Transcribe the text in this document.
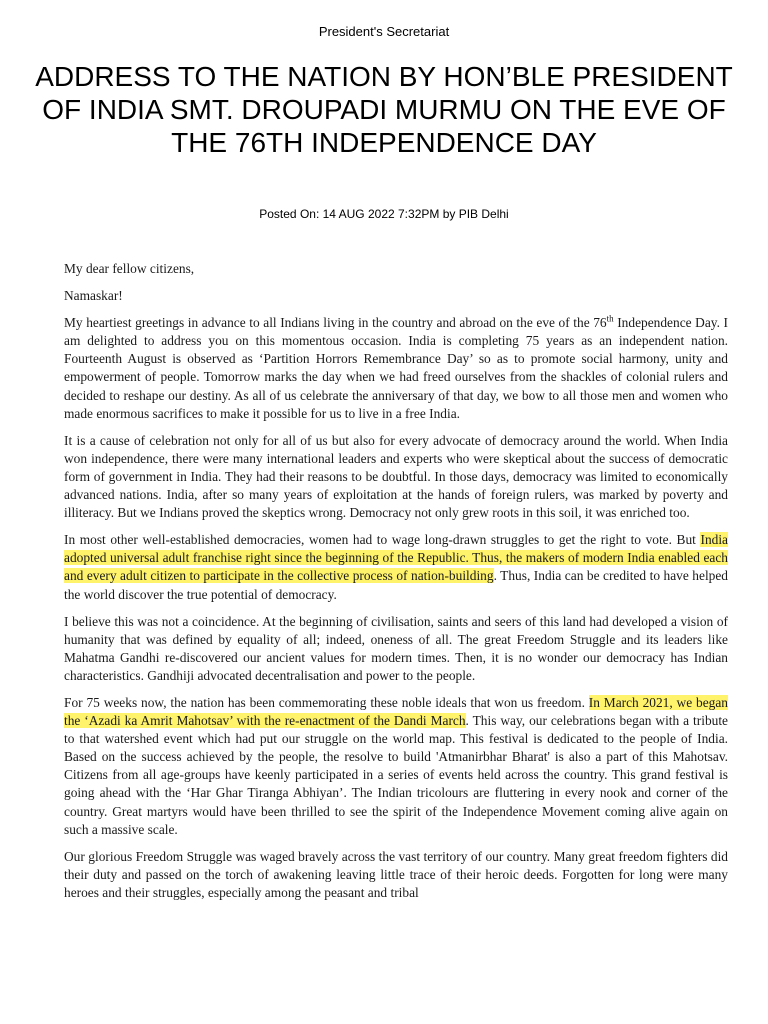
President's Secretariat
ADDRESS TO THE NATION BY HON’BLE PRESIDENT OF INDIA SMT. DROUPADI MURMU ON THE EVE OF THE 76TH INDEPENDENCE DAY
Posted On: 14 AUG 2022 7:32PM by PIB Delhi

My dear fellow citizens,

Namaskar!

My heartiest greetings in advance to all Indians living in the country and abroad on the eve of the 76th Independence Day. I am delighted to address you on this momentous occasion. India is completing 75 years as an independent nation. Fourteenth August is observed as ‘Partition Horrors Remembrance Day’ so as to promote social harmony, unity and empowerment of people. Tomorrow marks the day when we had freed ourselves from the shackles of colonial rulers and decided to reshape our destiny. As all of us celebrate the anniversary of that day, we bow to all those men and women who made enormous sacrifices to make it possible for us to live in a free India.

It is a cause of celebration not only for all of us but also for every advocate of democracy around the world. When India won independence, there were many international leaders and experts who were skeptical about the success of democratic form of government in India. They had their reasons to be doubtful. In those days, democracy was limited to economically advanced nations. India, after so many years of exploitation at the hands of foreign rulers, was marked by poverty and illiteracy. But we Indians proved the skeptics wrong. Democracy not only grew roots in this soil, it was enriched too.

In most other well-established democracies, women had to wage long-drawn struggles to get the right to vote. But India adopted universal adult franchise right since the beginning of the Republic. Thus, the makers of modern India enabled each and every adult citizen to participate in the collective process of nation-building. Thus, India can be credited to have helped the world discover the true potential of democracy.

I believe this was not a coincidence. At the beginning of civilisation, saints and seers of this land had developed a vision of humanity that was defined by equality of all; indeed, oneness of all. The great Freedom Struggle and its leaders like Mahatma Gandhi re-discovered our ancient values for modern times. Then, it is no wonder our democracy has Indian characteristics. Gandhiji advocated decentralisation and power to the people.

For 75 weeks now, the nation has been commemorating these noble ideals that won us freedom. In March 2021, we began the ‘Azadi ka Amrit Mahotsav’ with the re-enactment of the Dandi March. This way, our celebrations began with a tribute to that watershed event which had put our struggle on the world map. This festival is dedicated to the people of India. Based on the success achieved by the people, the resolve to build 'Atmanirbhar Bharat' is also a part of this Mahotsav. Citizens from all age-groups have keenly participated in a series of events held across the country. This grand festival is going ahead with the ‘Har Ghar Tiranga Abhiyan’. The Indian tricolours are fluttering in every nook and corner of the country. Great martyrs would have been thrilled to see the spirit of the Independence Movement coming alive again on such a massive scale.

Our glorious Freedom Struggle was waged bravely across the vast territory of our country. Many great freedom fighters did their duty and passed on the torch of awakening leaving little trace of their heroic deeds. Forgotten for long were many heroes and their struggles, especially among the peasant and tribal
